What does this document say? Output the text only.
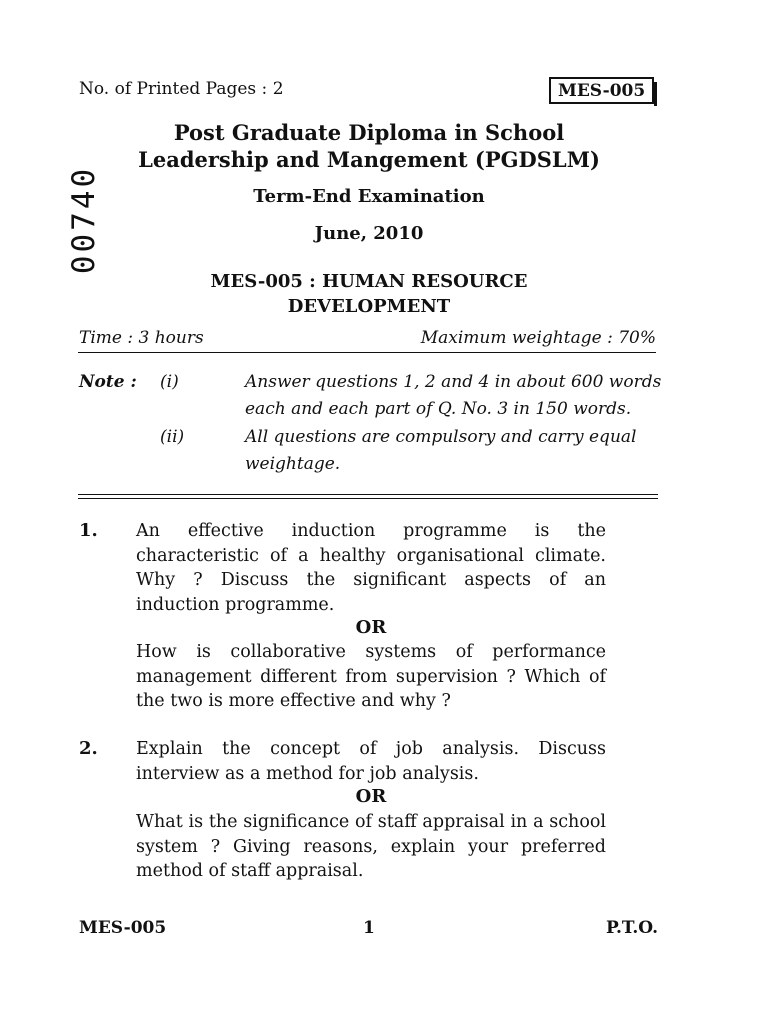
No. of Printed Pages : 2	MES-005
00740
Post Graduate Diploma in School
Leadership and Mangement (PGDSLM)
Term-End Examination
June, 2010
MES-005 : HUMAN RESOURCE
DEVELOPMENT
Time : 3 hours	Maximum weightage : 70%
Note : (i)	Answer questions 1, 2 and 4 in about 600 words each and each part of Q. No. 3 in 150 words.
(ii)	All questions are compulsory and carry equal weightage.
1. An effective induction programme is the characteristic of a healthy organisational climate. Why ? Discuss the significant aspects of an induction programme.
OR
How is collaborative systems of performance management different from supervision ? Which of the two is more effective and why ?
2. Explain the concept of job analysis. Discuss interview as a method for job analysis.
OR
What is the significance of staff appraisal in a school system ? Giving reasons, explain your preferred method of staff appraisal.
MES-005	1	P.T.O.
